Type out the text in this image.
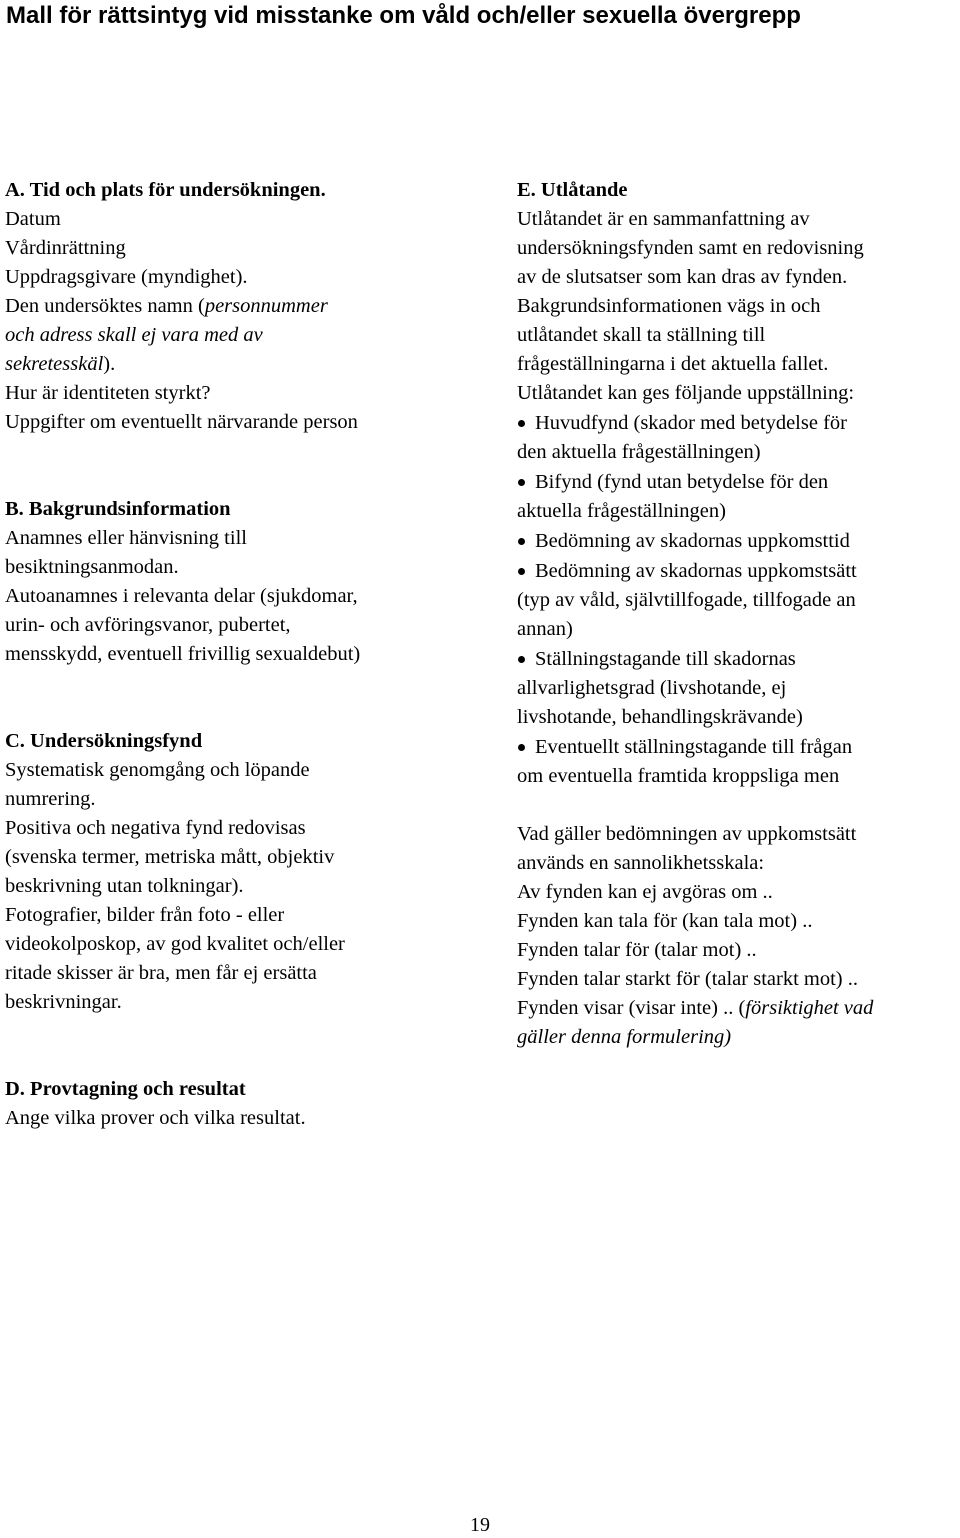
Mall för rättsintyg vid misstanke om våld och/eller sexuella övergrepp
A. Tid och plats för undersökningen.
Datum
Vårdinrättning
Uppdragsgivare (myndighet).
Den undersöktes namn (personnummer
och adress skall ej vara med av
sekretesskäl).
Hur är identiteten styrkt?
Uppgifter om eventuellt närvarande person
B. Bakgrundsinformation
Anamnes eller hänvisning till
besiktningsanmodan.
Autoanamnes i relevanta delar (sjukdomar,
urin- och avföringsvanor, pubertet,
mensskydd, eventuell frivillig sexualdebut)
C. Undersökningsfynd
Systematisk genomgång och löpande
numrering.
Positiva och negativa fynd redovisas
(svenska termer, metriska mått, objektiv
beskrivning utan tolkningar).
Fotografier, bilder från foto - eller
videokolposkop, av god kvalitet och/eller
ritade skisser är bra, men får ej ersätta
beskrivningar.
D. Provtagning och resultat
Ange vilka prover och vilka resultat.
E. Utlåtande
Utlåtandet är en sammanfattning av
undersökningsfynden samt en redovisning
av de slutsatser som kan dras av fynden.
Bakgrundsinformationen vägs in och
utlåtandet skall ta ställning till
frågeställningarna i det aktuella fallet.
Utlåtandet kan ges följande uppställning:
Huvudfynd (skador med betydelse för
den aktuella frågeställningen)
Bifynd (fynd utan betydelse för den
aktuella frågeställningen)
Bedömning av skadornas uppkomsttid
Bedömning av skadornas uppkomstsätt
(typ av våld, självtillfogade, tillfogade an
annan)
Ställningstagande till skadornas
allvarlighetsgrad (livshotande, ej
livshotande, behandlingskrävande)
Eventuellt ställningstagande till frågan
om eventuella framtida kroppsliga men
Vad gäller bedömningen av uppkomstsätt
används en sannolikhetsskala:
Av fynden kan ej avgöras om ..
Fynden kan tala för (kan tala mot) ..
Fynden talar för (talar mot) ..
Fynden talar starkt för (talar starkt mot) ..
Fynden visar (visar inte) .. (försiktighet vad
gäller denna formulering)
19
